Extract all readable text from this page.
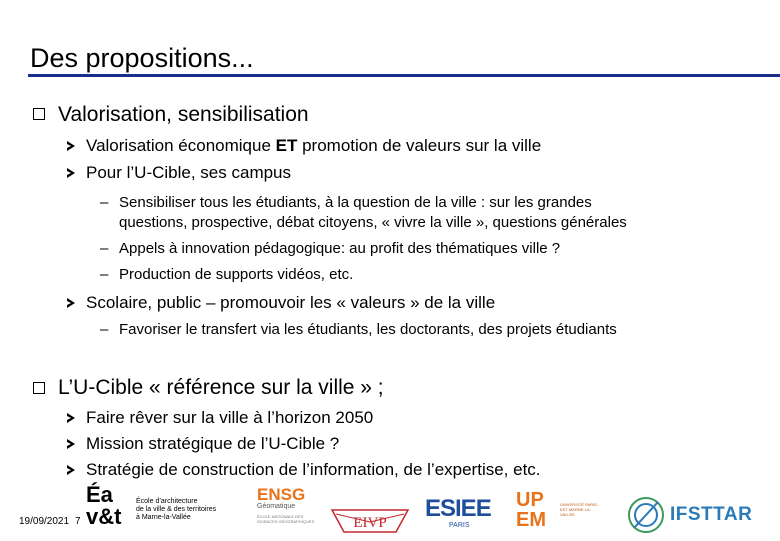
Des propositions...
Valorisation, sensibilisation
Valorisation économique ET promotion de valeurs sur la ville
Pour l’U-Cible, ses campus
– Sensibiliser tous les étudiants, à la question de la ville : sur les grandes
questions, prospective, débat citoyens, « vivre la ville », questions générales
– Appels à innovation pédagogique: au profit des thématiques ville ?
– Production de supports vidéos, etc.
Scolaire, public – promouvoir les « valeurs » de la ville
– Favoriser le transfert via les étudiants, les doctorants, des projets étudiants
L’U-Cible « référence sur la ville » ;
Faire rêver sur la ville à l’horizon 2050
Mission stratégique de l’U-Cible ?
Stratégie de construction de l’information, de l’expertise, etc.
19/09/2021 7
Éa
v&t
École d’architecture
de la ville & des territoires
à Marne-la-Vallée
ENSG
Géomatique
ÉCOLE NATIONALE DES SCIENCES GÉOGRAPHIQUES	EIVP
ESIEE
PARIS
UP
EM
UNIVERSITÉ PARIS-EST MARNE-LA-VALLÉE	IFSTTAR
